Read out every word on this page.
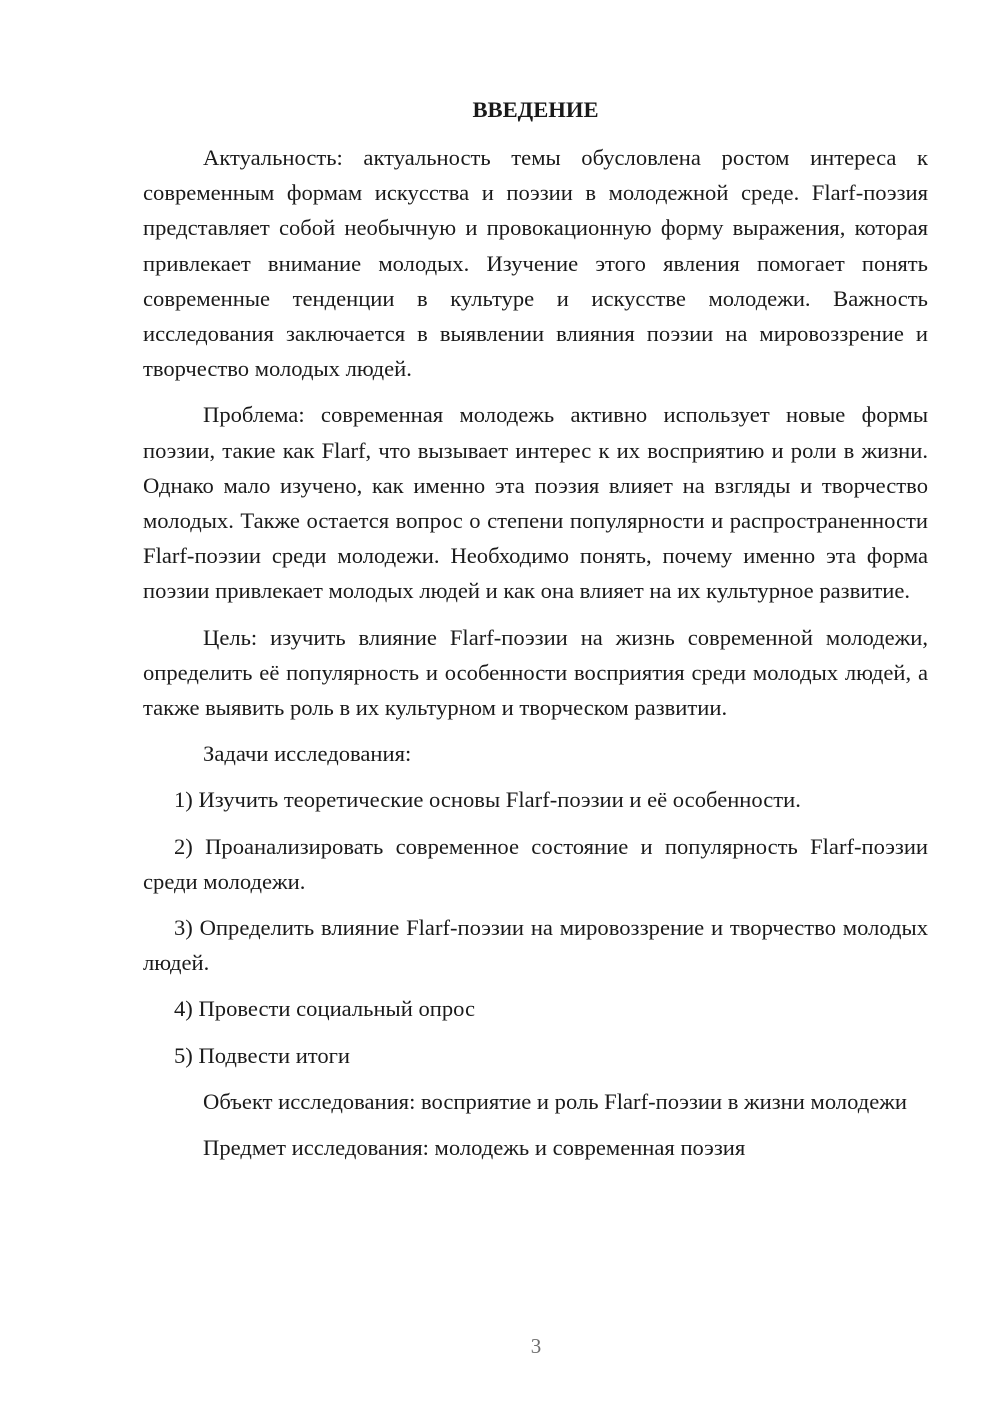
ВВЕДЕНИЕ

Актуальность: актуальность темы обусловлена ростом интереса к современным формам искусства и поэзии в молодежной среде. Flarf-поэзия представляет собой необычную и провокационную форму выражения, которая привлекает внимание молодых. Изучение этого явления помогает понять современные тенденции в культуре и искусстве молодежи. Важность исследования заключается в выявлении влияния поэзии на мировоззрение и творчество молодых людей.

Проблема: современная молодежь активно использует новые формы поэзии, такие как Flarf, что вызывает интерес к их восприятию и роли в жизни. Однако мало изучено, как именно эта поэзия влияет на взгляды и творчество молодых. Также остается вопрос о степени популярности и распространенности Flarf-поэзии среди молодежи. Необходимо понять, почему именно эта форма поэзии привлекает молодых людей и как она влияет на их культурное развитие.

Цель: изучить влияние Flarf-поэзии на жизнь современной молодежи, определить её популярность и особенности восприятия среди молодых людей, а также выявить роль в их культурном и творческом развитии.

Задачи исследования:

1) Изучить теоретические основы Flarf-поэзии и её особенности.

2) Проанализировать современное состояние и популярность Flarf-поэзии среди молодежи.

3) Определить влияние Flarf-поэзии на мировоззрение и творчество молодых людей.

4) Провести социальный опрос

5) Подвести итоги

Объект исследования: восприятие и роль Flarf-поэзии в жизни молодежи

Предмет исследования: молодежь и современная поэзия

3
